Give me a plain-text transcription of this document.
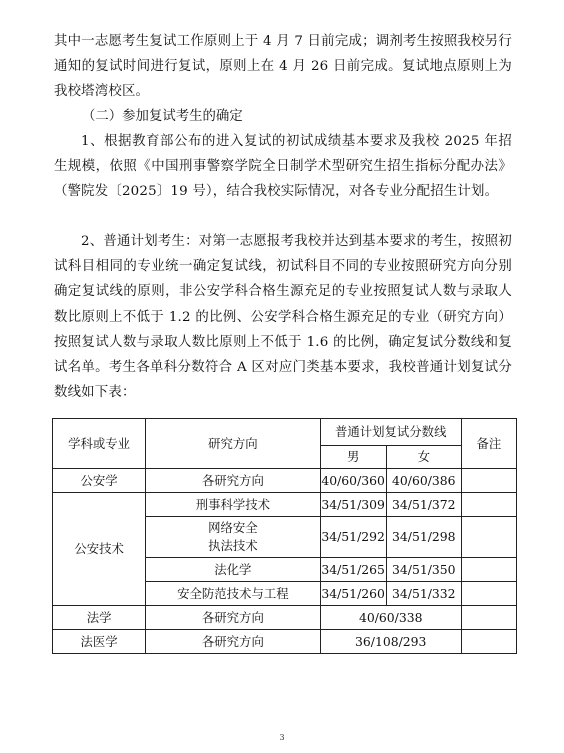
其中一志愿考生复试工作原则上于 4 月 7 日前完成；调剂考生按照我校另行通知的复试时间进行复试，原则上在 4 月 26 日前完成。复试地点原则上为我校塔湾校区。

（二）参加复试考生的确定

1、根据教育部公布的进入复试的初试成绩基本要求及我校 2025 年招生规模，依照《中国刑事警察学院全日制学术型研究生招生指标分配办法》（警院发〔2025〕19 号），结合我校实际情况，对各专业分配招生计划。

2、普通计划考生：对第一志愿报考我校并达到基本要求的考生，按照初试科目相同的专业统一确定复试线，初试科目不同的专业按照研究方向分别确定复试线的原则，非公安学科合格生源充足的专业按照复试人数与录取人数比原则上不低于 1.2 的比例、公安学科合格生源充足的专业（研究方向）按照复试人数与录取人数比原则上不低于 1.6 的比例，确定复试分数线和复试名单。考生各单科分数符合 A 区对应门类基本要求，我校普通计划复试分数线如下表：

学科或专业	研究方向	普通计划复试分数线		备注
		男	女	
公安学	各研究方向	40/60/360	40/60/386	
公安技术	刑事科学技术	34/51/309	34/51/372	

	网络安全
执法技术	34/51/292	34/51/298	
	法化学	34/51/265	34/51/350	
	安全防范技术与工程	34/51/260	34/51/332	
法学	各研究方向	40/60/338		
法医学	各研究方向	36/108/293		
3
